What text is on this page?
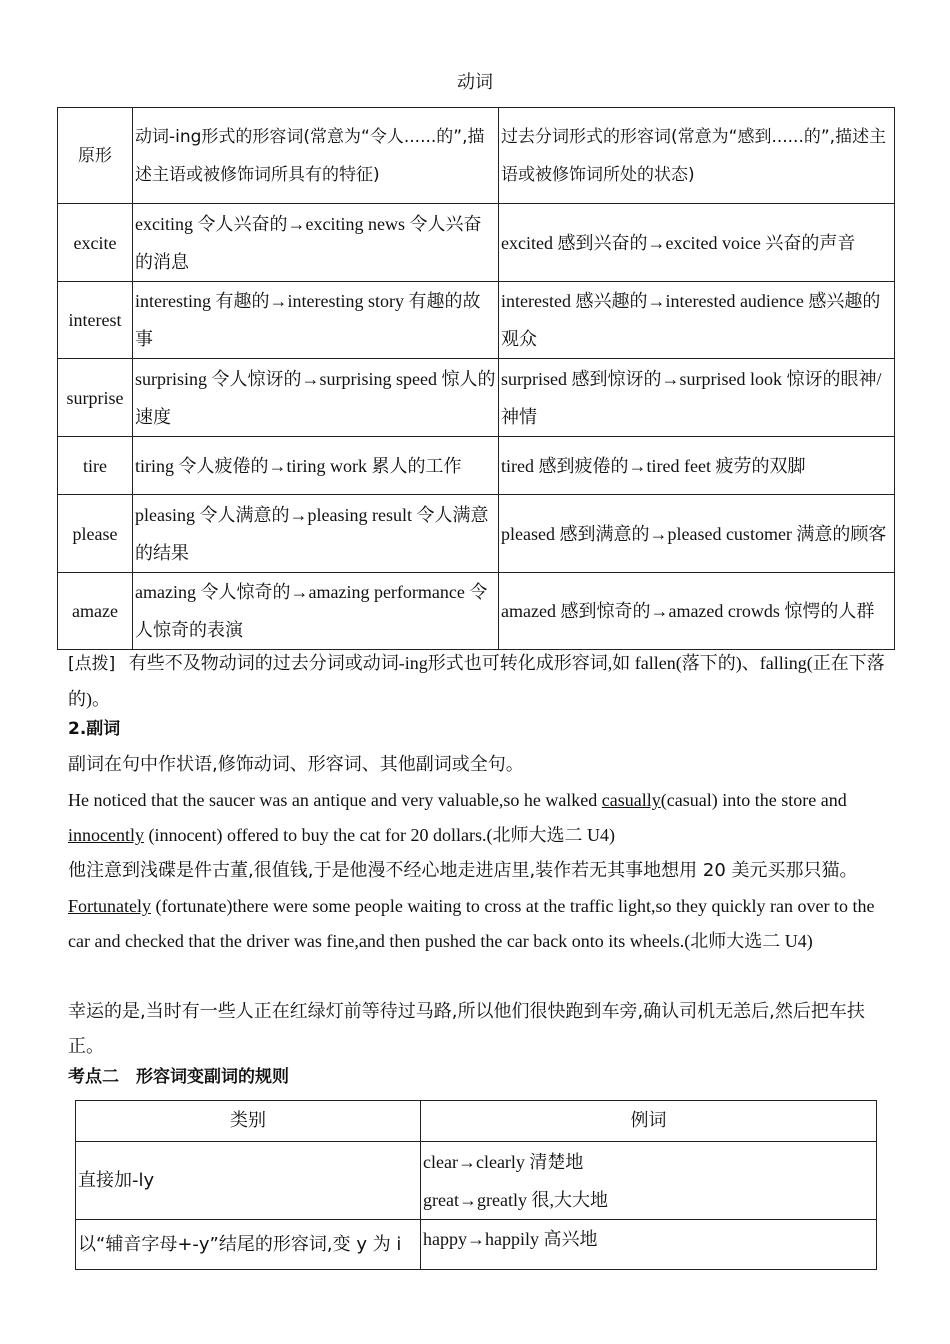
动词
原形	动词-ing形式的形容词(常意为“令人......的”,描述主语或被修饰词所具有的特征)	过去分词形式的形容词(常意为“感到......的”,描述主语或被修饰词所处的状态)
excite	exciting 令人兴奋的→exciting news 令人兴奋的消息	excited 感到兴奋的→excited voice 兴奋的声音
interest	interesting 有趣的→interesting story 有趣的故事	interested 感兴趣的→interested audience 感兴趣的观众
surprise	surprising 令人惊讶的→surprising speed 惊人的速度	surprised 感到惊讶的→surprised look 惊讶的眼神/神情
tire	tiring 令人疲倦的→tiring work 累人的工作	tired 感到疲倦的→tired feet 疲劳的双脚
please	pleasing 令人满意的→pleasing result 令人满意的结果	pleased 感到满意的→pleased customer 满意的顾客
amaze	amazing 令人惊奇的→amazing performance 令人惊奇的表演	amazed 感到惊奇的→amazed crowds 惊愕的人群
[点拨] 有些不及物动词的过去分词或动词-ing形式也可转化成形容词,如 fallen(落下的)、falling(正在下落的)。
2.副词
副词在句中作状语,修饰动词、形容词、其他副词或全句。
He noticed that the saucer was an antique and very valuable,so he walked casually(casual) into the store and innocently (innocent) offered to buy the cat for 20 dollars.(北师大选二 U4)
他注意到浅碟是件古董,很值钱,于是他漫不经心地走进店里,装作若无其事地想用 20 美元买那只猫。
Fortunately (fortunate)there were some people waiting to cross at the traffic light,so they quickly ran over to the car and checked that the driver was fine,and then pushed the car back onto its wheels.(北师大选二 U4)
幸运的是,当时有一些人正在红绿灯前等待过马路,所以他们很快跑到车旁,确认司机无恙后,然后把车扶正。
考点二　形容词变副词的规则
类别	例词
直接加-ly	clear→clearly 清楚地
great→greatly 很,大大地

以“辅音字母+-y”结尾的形容词,变 y 为 i	happy→happily 高兴地
